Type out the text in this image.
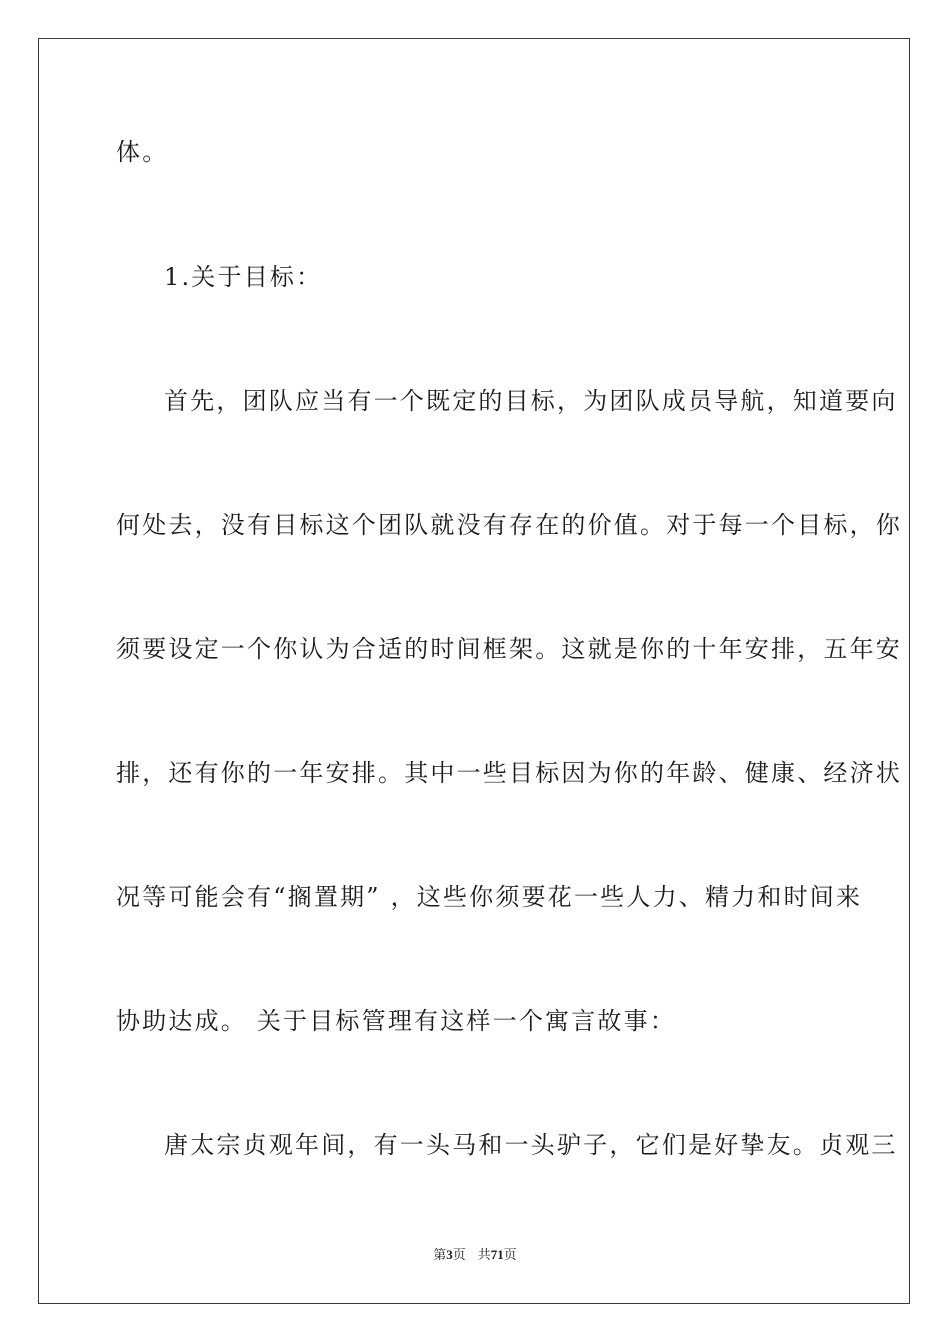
体。
1.关于目标：
首先，团队应当有一个既定的目标，为团队成员导航，知道要向
何处去，没有目标这个团队就没有存在的价值。对于每一个目标，你
须要设定一个你认为合适的时间框架。这就是你的十年安排，五年安
排，还有你的一年安排。其中一些目标因为你的年龄、健康、经济状
况等可能会有“搁置期” ，这些你须要花一些人力、精力和时间来
协助达成。 关于目标管理有这样一个寓言故事：
唐太宗贞观年间，有一头马和一头驴子，它们是好挚友。贞观三
第3页 共71页
